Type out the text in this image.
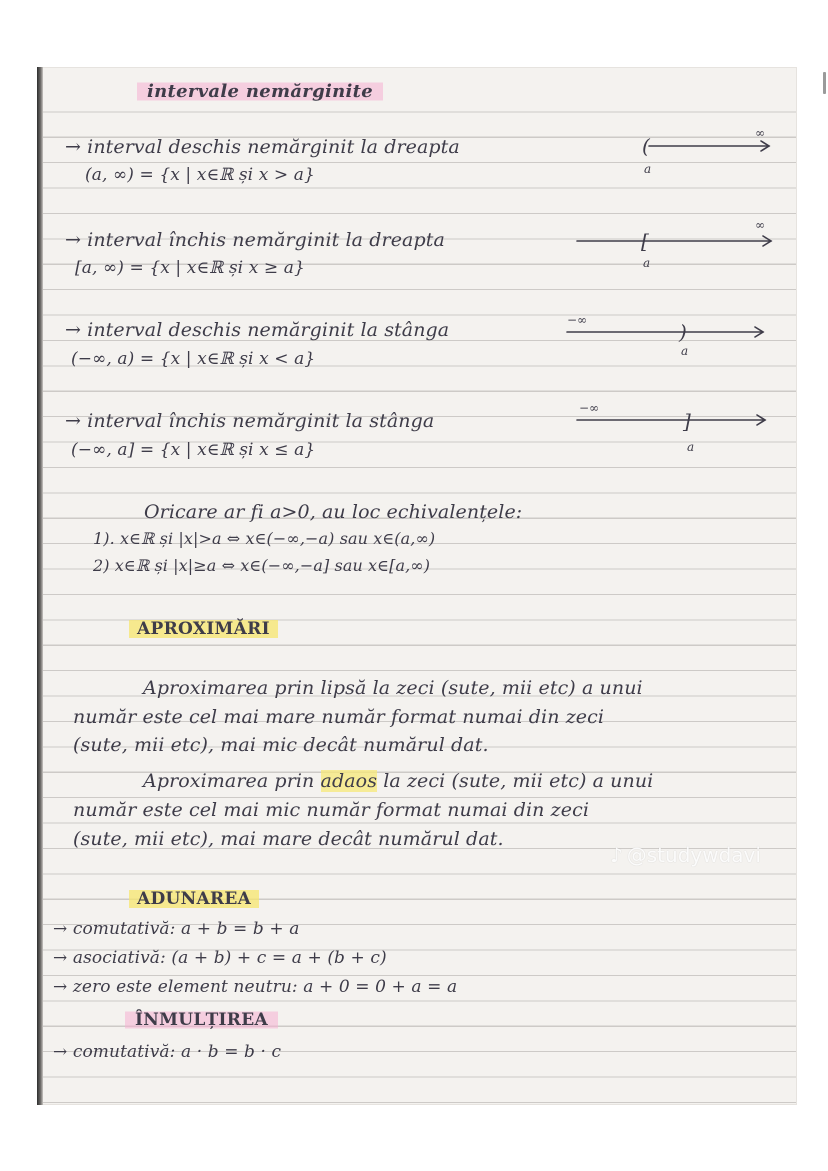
intervale nemărginite

→ interval deschis nemărginit la dreapta

(a, ∞) = {x | x∈ℝ și x > a}

∞
(
a

→ interval închis nemărginit la dreapta

[a, ∞) = {x | x∈ℝ și x ≥ a}

∞
[
a

→ interval deschis nemărginit la stânga

(−∞, a) = {x | x∈ℝ și x < a}

−∞	)
a

→ interval închis nemărginit la stânga

(−∞, a] = {x | x∈ℝ și x ≤ a}

−∞
]
a

Oricare ar fi a>0, au loc echivalențele:

1). x∈ℝ și |x|>a ⇔ x∈(−∞,−a) sau x∈(a,∞)

2) x∈ℝ și |x|≥a ⇔ x∈(−∞,−a] sau x∈[a,∞)

APROXIMĂRI

Aproximarea prin lipsă la zeci (sute, mii etc) a unui

număr este cel mai mare număr format numai din zeci

(sute, mii etc), mai mic decât numărul dat.

Aproximarea prin adaos la zeci (sute, mii etc) a unui

număr este cel mai mic număr format numai din zeci

(sute, mii etc), mai mare decât numărul dat.

ADUNAREA

→ comutativă: a + b = b + a

→ asociativă: (a + b) + c = a + (b + c)

→ zero este element neutru: a + 0 = 0 + a = a

ÎNMULȚIREA

→ comutativă: a · b = b · c

♪ @studywdavi
